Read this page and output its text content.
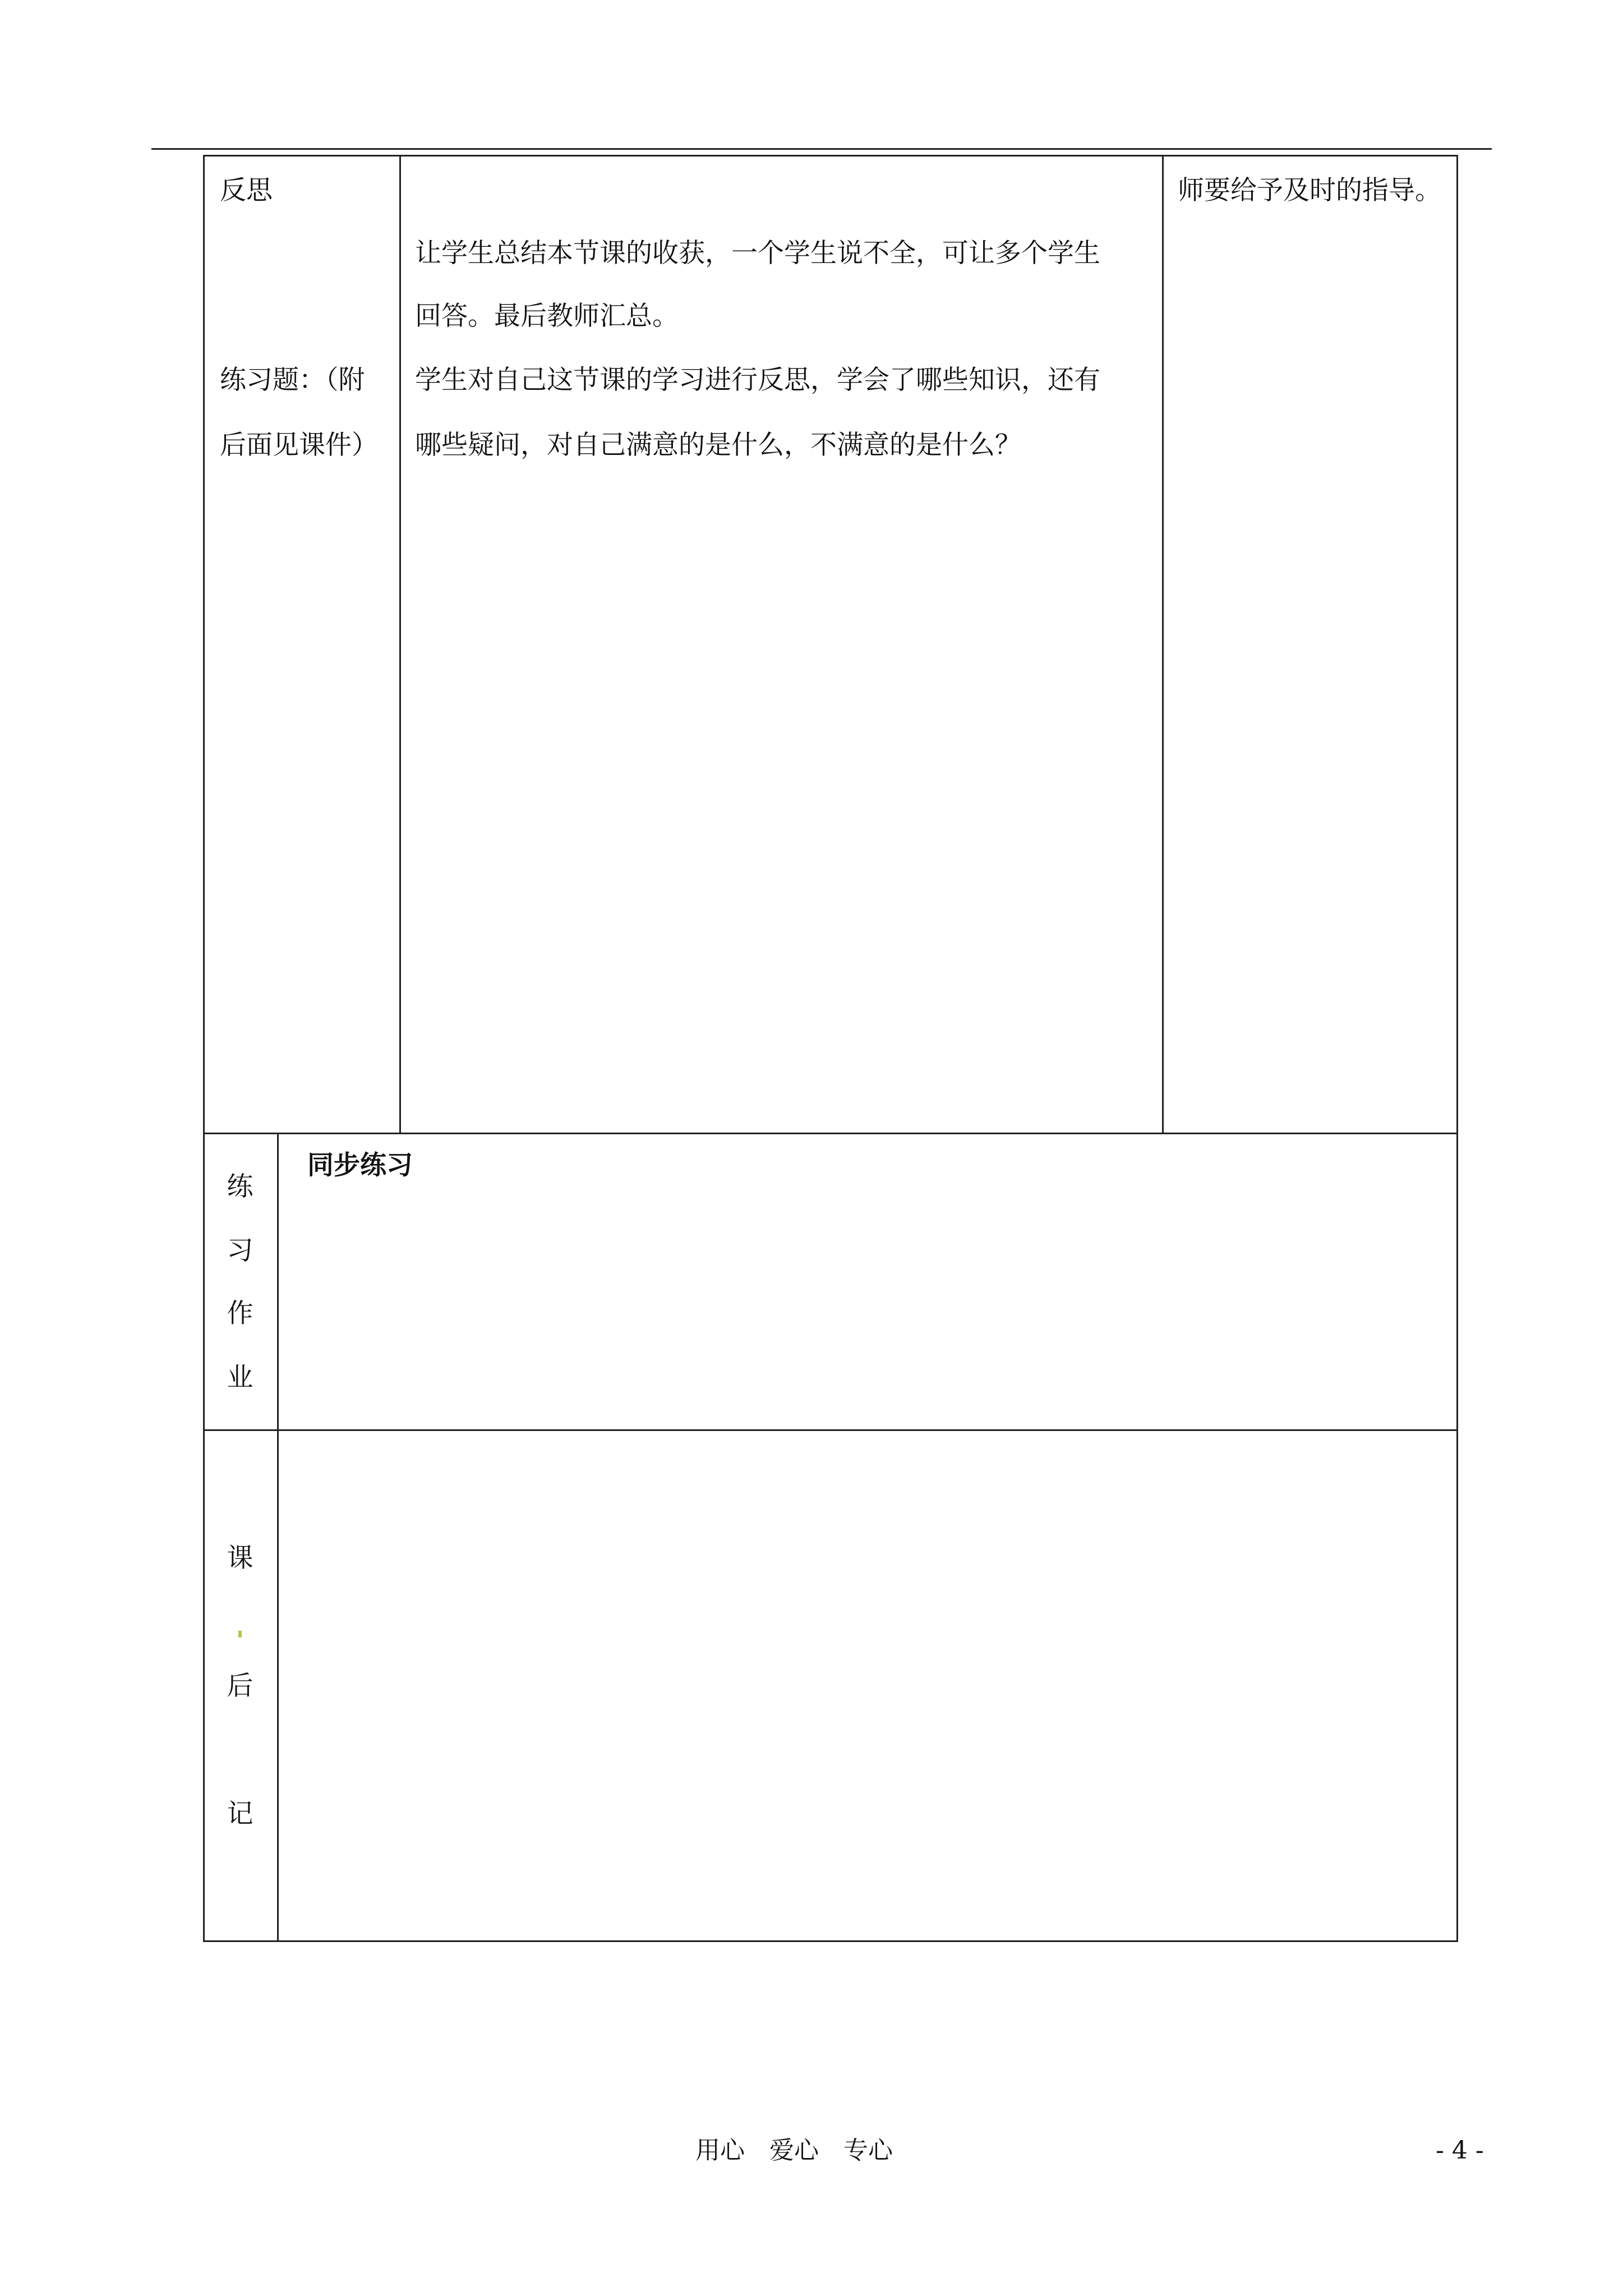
反思
练习题：（附
后面见课件）
让学生总结本节课的收获，一个学生说不全，可让多个学生
回答。最后教师汇总。
学生对自己这节课的学习进行反思，学会了哪些知识，还有
哪些疑问，对自己满意的是什么，不满意的是什么？
师要给予及时的指导。
练
习
作
业
同步练习
课
后
记
用心　爱心　专心	- 4 -
